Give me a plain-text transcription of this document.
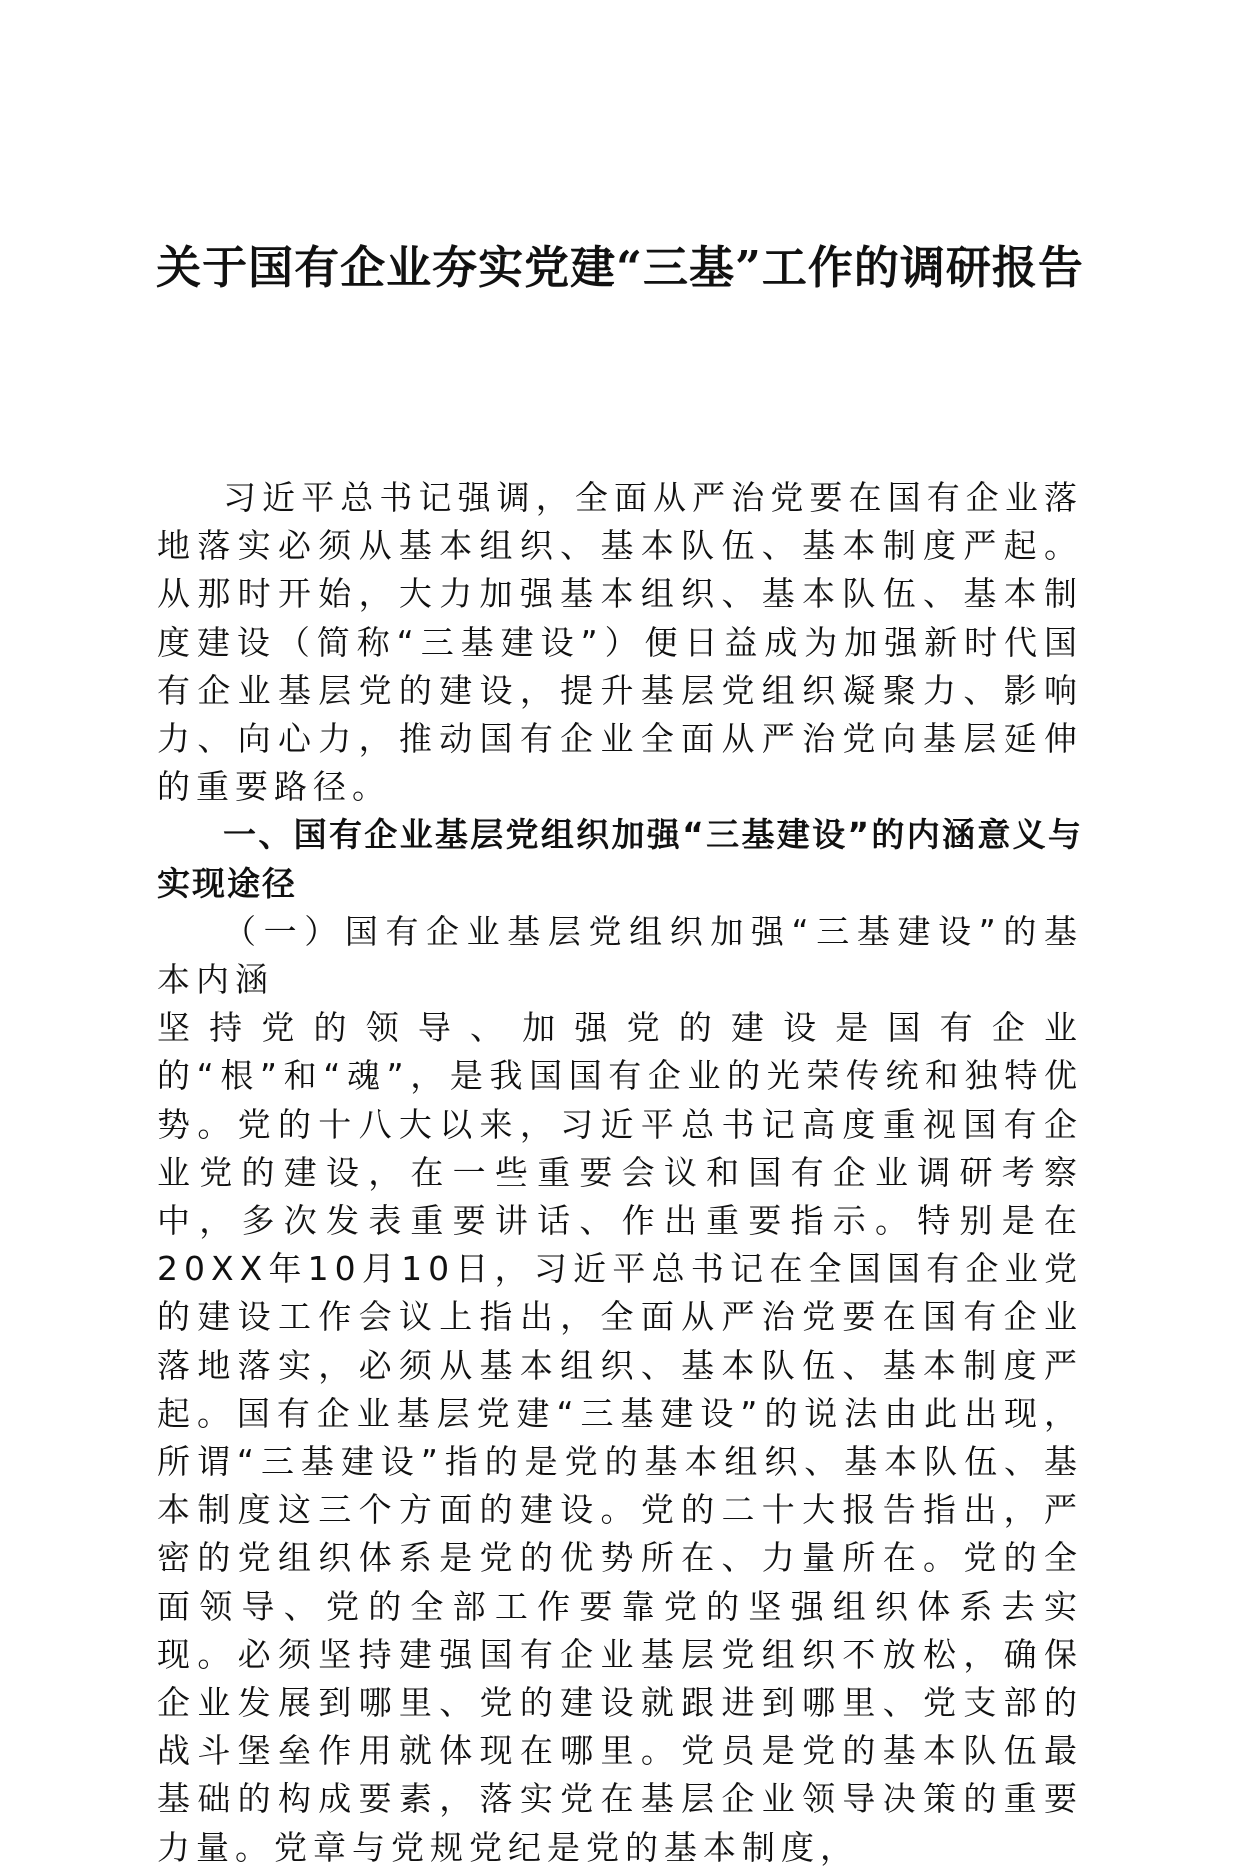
关于国有企业夯实党建“三基”工作的调研报告

习近平总书记强调，全面从严治党要在国有企业落地落实必须从基本组织、基本队伍、基本制度严起。从那时开始，大力加强基本组织、基本队伍、基本制度建设（简称“三基建设”）便日益成为加强新时代国有企业基层党的建设，提升基层党组织凝聚力、影响力、向心力，推动国有企业全面从严治党向基层延伸的重要路径。

一、国有企业基层党组织加强“三基建设”的内涵意义与实现途径

（一）国有企业基层党组织加强“三基建设”的基本内涵

坚持党的领导、加强党的建设是国有企业的“根”和“魂”，是我国国有企业的光荣传统和独特优势。党的十八大以来，习近平总书记高度重视国有企业党的建设，在一些重要会议和国有企业调研考察中，多次发表重要讲话、作出重要指示。特别是在20XX年10月10日，习近平总书记在全国国有企业党的建设工作会议上指出，全面从严治党要在国有企业落地落实，必须从基本组织、基本队伍、基本制度严起。国有企业基层党建“三基建设”的说法由此出现，所谓“三基建设”指的是党的基本组织、基本队伍、基本制度这三个方面的建设。党的二十大报告指出，严密的党组织体系是党的优势所在、力量所在。党的全面领导、党的全部工作要靠党的坚强组织体系去实现。必须坚持建强国有企业基层党组织不放松，确保企业发展到哪里、党的建设就跟进到哪里、党支部的战斗堡垒作用就体现在哪里。党员是党的基本队伍最基础的构成要素，落实党在基层企业领导决策的重要力量。党章与党规党纪是党的基本制度，
